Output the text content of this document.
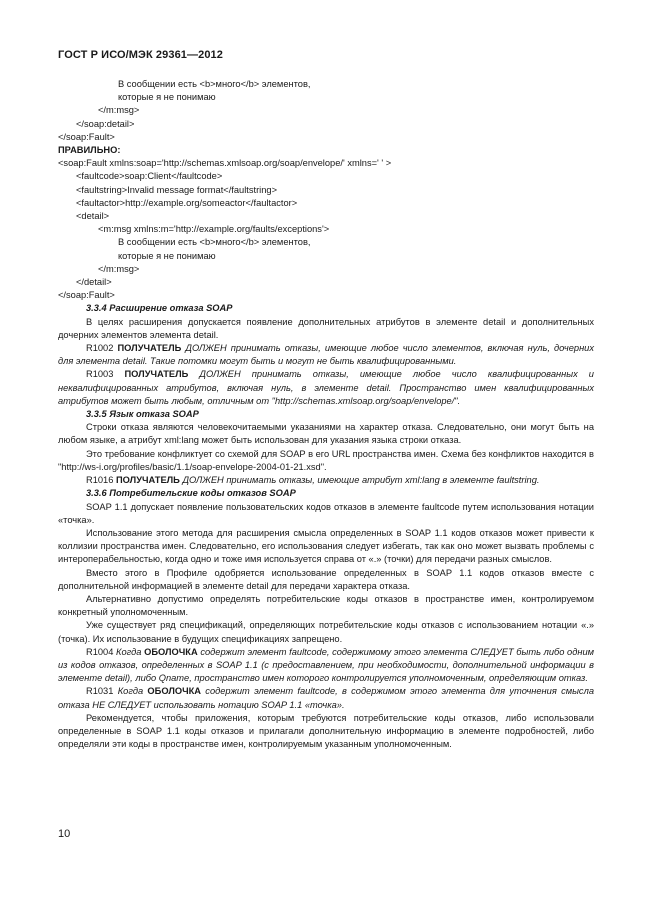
ГОСТ Р ИСО/МЭК 29361—2012
В сообщении есть <b>много</b> элементов,
которые я не понимаю
</m:msg>
</soap:detail>
</soap:Fault>
ПРАВИЛЬНО:
<soap:Fault xmlns:soap='http://schemas.xmlsoap.org/soap/envelope/' xmlns=' ' >
<faultcode>soap:Client</faultcode>
<faultstring>Invalid message format</faultstring>
<faultactor>http://example.org/someactor</faultactor>
<detail>
<m:msg xmlns:m='http://example.org/faults/exceptions'>
В сообщении есть <b>много</b> элементов,
которые я не понимаю
</m:msg>
</detail>
</soap:Fault>
3.3.4 Расширение отказа SOAP

В целях расширения допускается появление дополнительных атрибутов в элементе detail и дополнительных дочерних элементов элемента detail.

R1002 ПОЛУЧАТЕЛЬ ДОЛЖЕН принимать отказы, имеющие любое число элементов, включая нуль, дочерних для элемента detail. Такие потомки могут быть и могут не быть квалифицированными.

R1003 ПОЛУЧАТЕЛЬ ДОЛЖЕН принимать отказы, имеющие любое число квалифицированных и неквалифицированных атрибутов, включая нуль, в элементе detail. Пространство имен квалифицированных атрибутов может быть любым, отличным от "http://schemas.xmlsoap.org/soap/envelope/".

3.3.5 Язык отказа SOAP

Строки отказа являются человекочитаемыми указаниями на характер отказа. Следовательно, они могут быть на любом языке, а атрибут xml:lang может быть использован для указания языка строки отказа.

Это требование конфликтует со схемой для SOAP в его URL пространства имен. Схема без конфликтов находится в "http://ws-i.org/profiles/basic/1.1/soap-envelope-2004-01-21.xsd".

R1016 ПОЛУЧАТЕЛЬ ДОЛЖЕН принимать отказы, имеющие атрибут xml:lang в элементе faultstring.

3.3.6 Потребительские коды отказов SOAP

SOAP 1.1 допускает появление пользовательских кодов отказов в элементе faultcode путем использования нотации «точка».

Использование этого метода для расширения смысла определенных в SOAP 1.1 кодов отказов может привести к коллизии пространства имен. Следовательно, его использования следует избегать, так как оно может вызвать проблемы с интероперабельностью, когда одно и тоже имя используется справа от «.» (точки) для передачи разных смыслов.

Вместо этого в Профиле одобряется использование определенных в SOAP 1.1 кодов отказов вместе с дополнительной информацией в элементе detail для передачи характера отказа.

Альтернативно допустимо определять потребительские коды отказов в пространстве имен, контролируемом конкретный уполномоченным.

Уже существует ряд спецификаций, определяющих потребительские коды отказов с использованием нотации «.» (точка). Их использование в будущих спецификациях запрещено.

R1004 Когда ОБОЛОЧКА содержит элемент faultcode, содержимому этого элемента СЛЕДУЕТ быть либо одним из кодов отказов, определенных в SOAP 1.1 (с предоставлением, при необходимости, дополнительной информации в элементе detail), либо Qname, пространство имен которого контролируется уполномоченным, определяющим отказ.

R1031 Когда ОБОЛОЧКА содержит элемент faultcode, в содержимом этого элемента для уточнения смысла отказа НЕ СЛЕДУЕТ использовать нотацию SOAP 1.1 «точка».

Рекомендуется, чтобы приложения, которым требуются потребительские коды отказов, либо использовали определенные в SOAP 1.1 коды отказов и прилагали дополнительную информацию в элементе подробностей, либо определяли эти коды в пространстве имен, контролируемым указанным уполномоченным.

10
